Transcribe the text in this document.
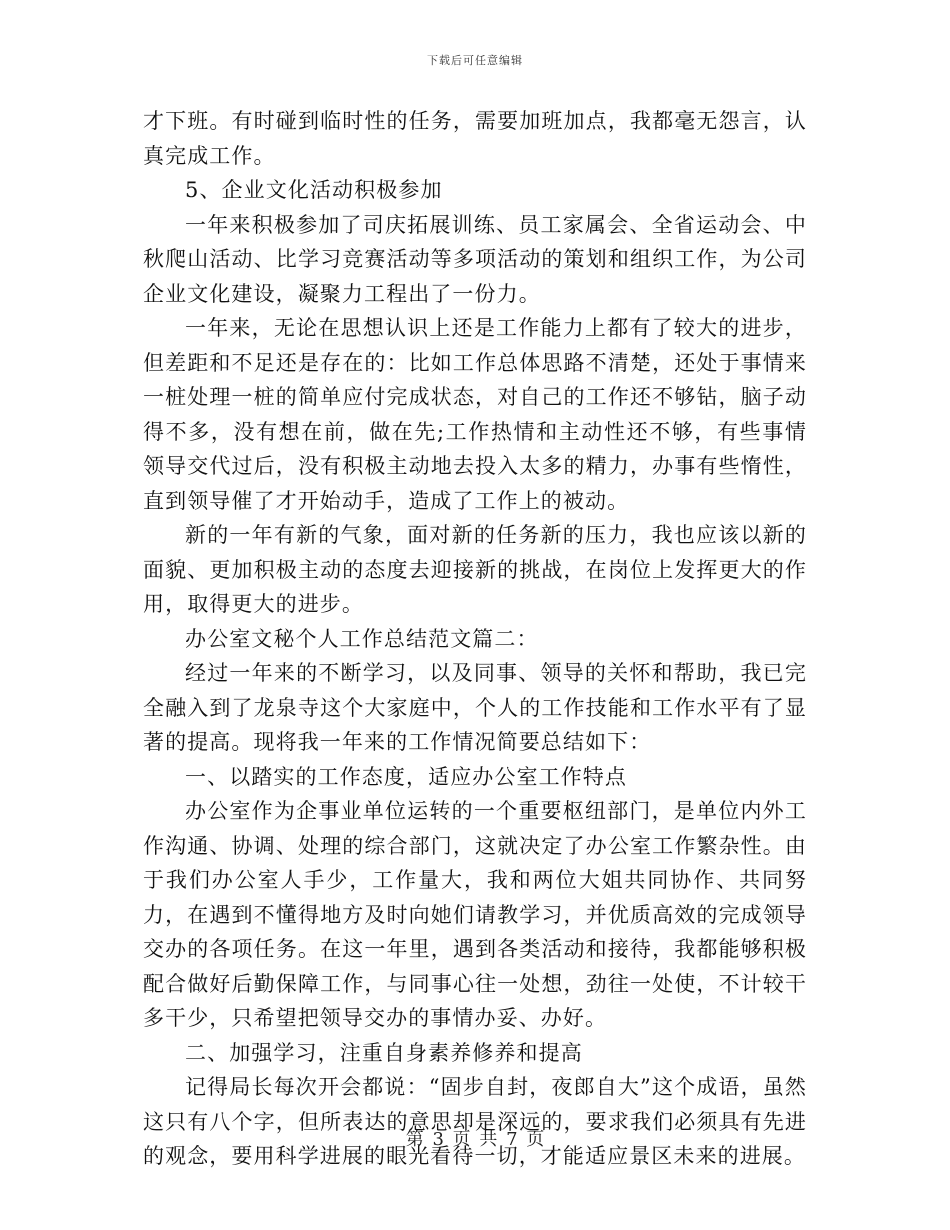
下载后可任意编辑

才下班。有时碰到临时性的任务，需要加班加点，我都毫无怨言，认真完成工作。

5、企业文化活动积极参加

一年来积极参加了司庆拓展训练、员工家属会、全省运动会、中秋爬山活动、比学习竞赛活动等多项活动的策划和组织工作，为公司企业文化建设，凝聚力工程出了一份力。

一年来，无论在思想认识上还是工作能力上都有了较大的进步，但差距和不足还是存在的：比如工作总体思路不清楚，还处于事情来一桩处理一桩的简单应付完成状态，对自己的工作还不够钻，脑子动得不多，没有想在前，做在先;工作热情和主动性还不够，有些事情领导交代过后，没有积极主动地去投入太多的精力，办事有些惰性，直到领导催了才开始动手，造成了工作上的被动。

新的一年有新的气象，面对新的任务新的压力，我也应该以新的面貌、更加积极主动的态度去迎接新的挑战，在岗位上发挥更大的作用，取得更大的进步。

办公室文秘个人工作总结范文篇二：

经过一年来的不断学习，以及同事、领导的关怀和帮助，我已完全融入到了龙泉寺这个大家庭中，个人的工作技能和工作水平有了显著的提高。现将我一年来的工作情况简要总结如下：

一、以踏实的工作态度，适应办公室工作特点

办公室作为企事业单位运转的一个重要枢纽部门，是单位内外工作沟通、协调、处理的综合部门，这就决定了办公室工作繁杂性。由于我们办公室人手少，工作量大，我和两位大姐共同协作、共同努力，在遇到不懂得地方及时向她们请教学习，并优质高效的完成领导交办的各项任务。在这一年里，遇到各类活动和接待，我都能够积极配合做好后勤保障工作，与同事心往一处想，劲往一处使，不计较干多干少，只希望把领导交办的事情办妥、办好。

二、加强学习，注重自身素养修养和提高

记得局长每次开会都说：“固步自封，夜郎自大”这个成语，虽然这只有八个字，但所表达的意思却是深远的，要求我们必须具有先进的观念，要用科学进展的眼光看待一切，才能适应景区未来的进展。

第 3 页 共 7 页
